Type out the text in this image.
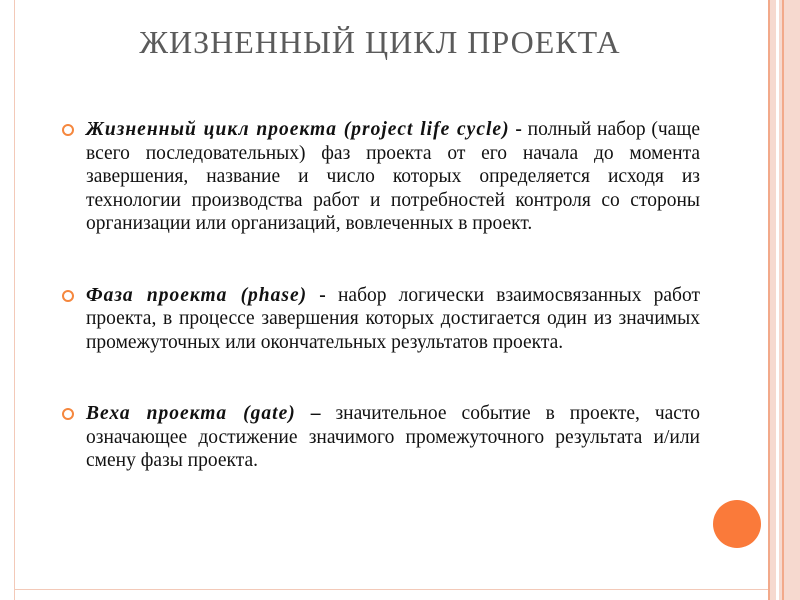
ЖИЗНЕННЫЙ ЦИКЛ ПРОЕКТА
Жизненный цикл проекта (project life cycle) - полный набор (чаще всего последовательных) фаз проекта от его начала до момента завершения, название и число которых определяется исходя из технологии производства работ и потребностей контроля со стороны организации или организаций, вовлеченных в проект.
Фаза проекта (phase) - набор логически взаимосвязанных работ проекта, в процессе завершения которых достигается один из значимых промежуточных или окончательных результатов проекта.
Веха проекта (gate) – значительное событие в проекте, часто означающее достижение значимого промежуточного результата и/или смену фазы проекта.
